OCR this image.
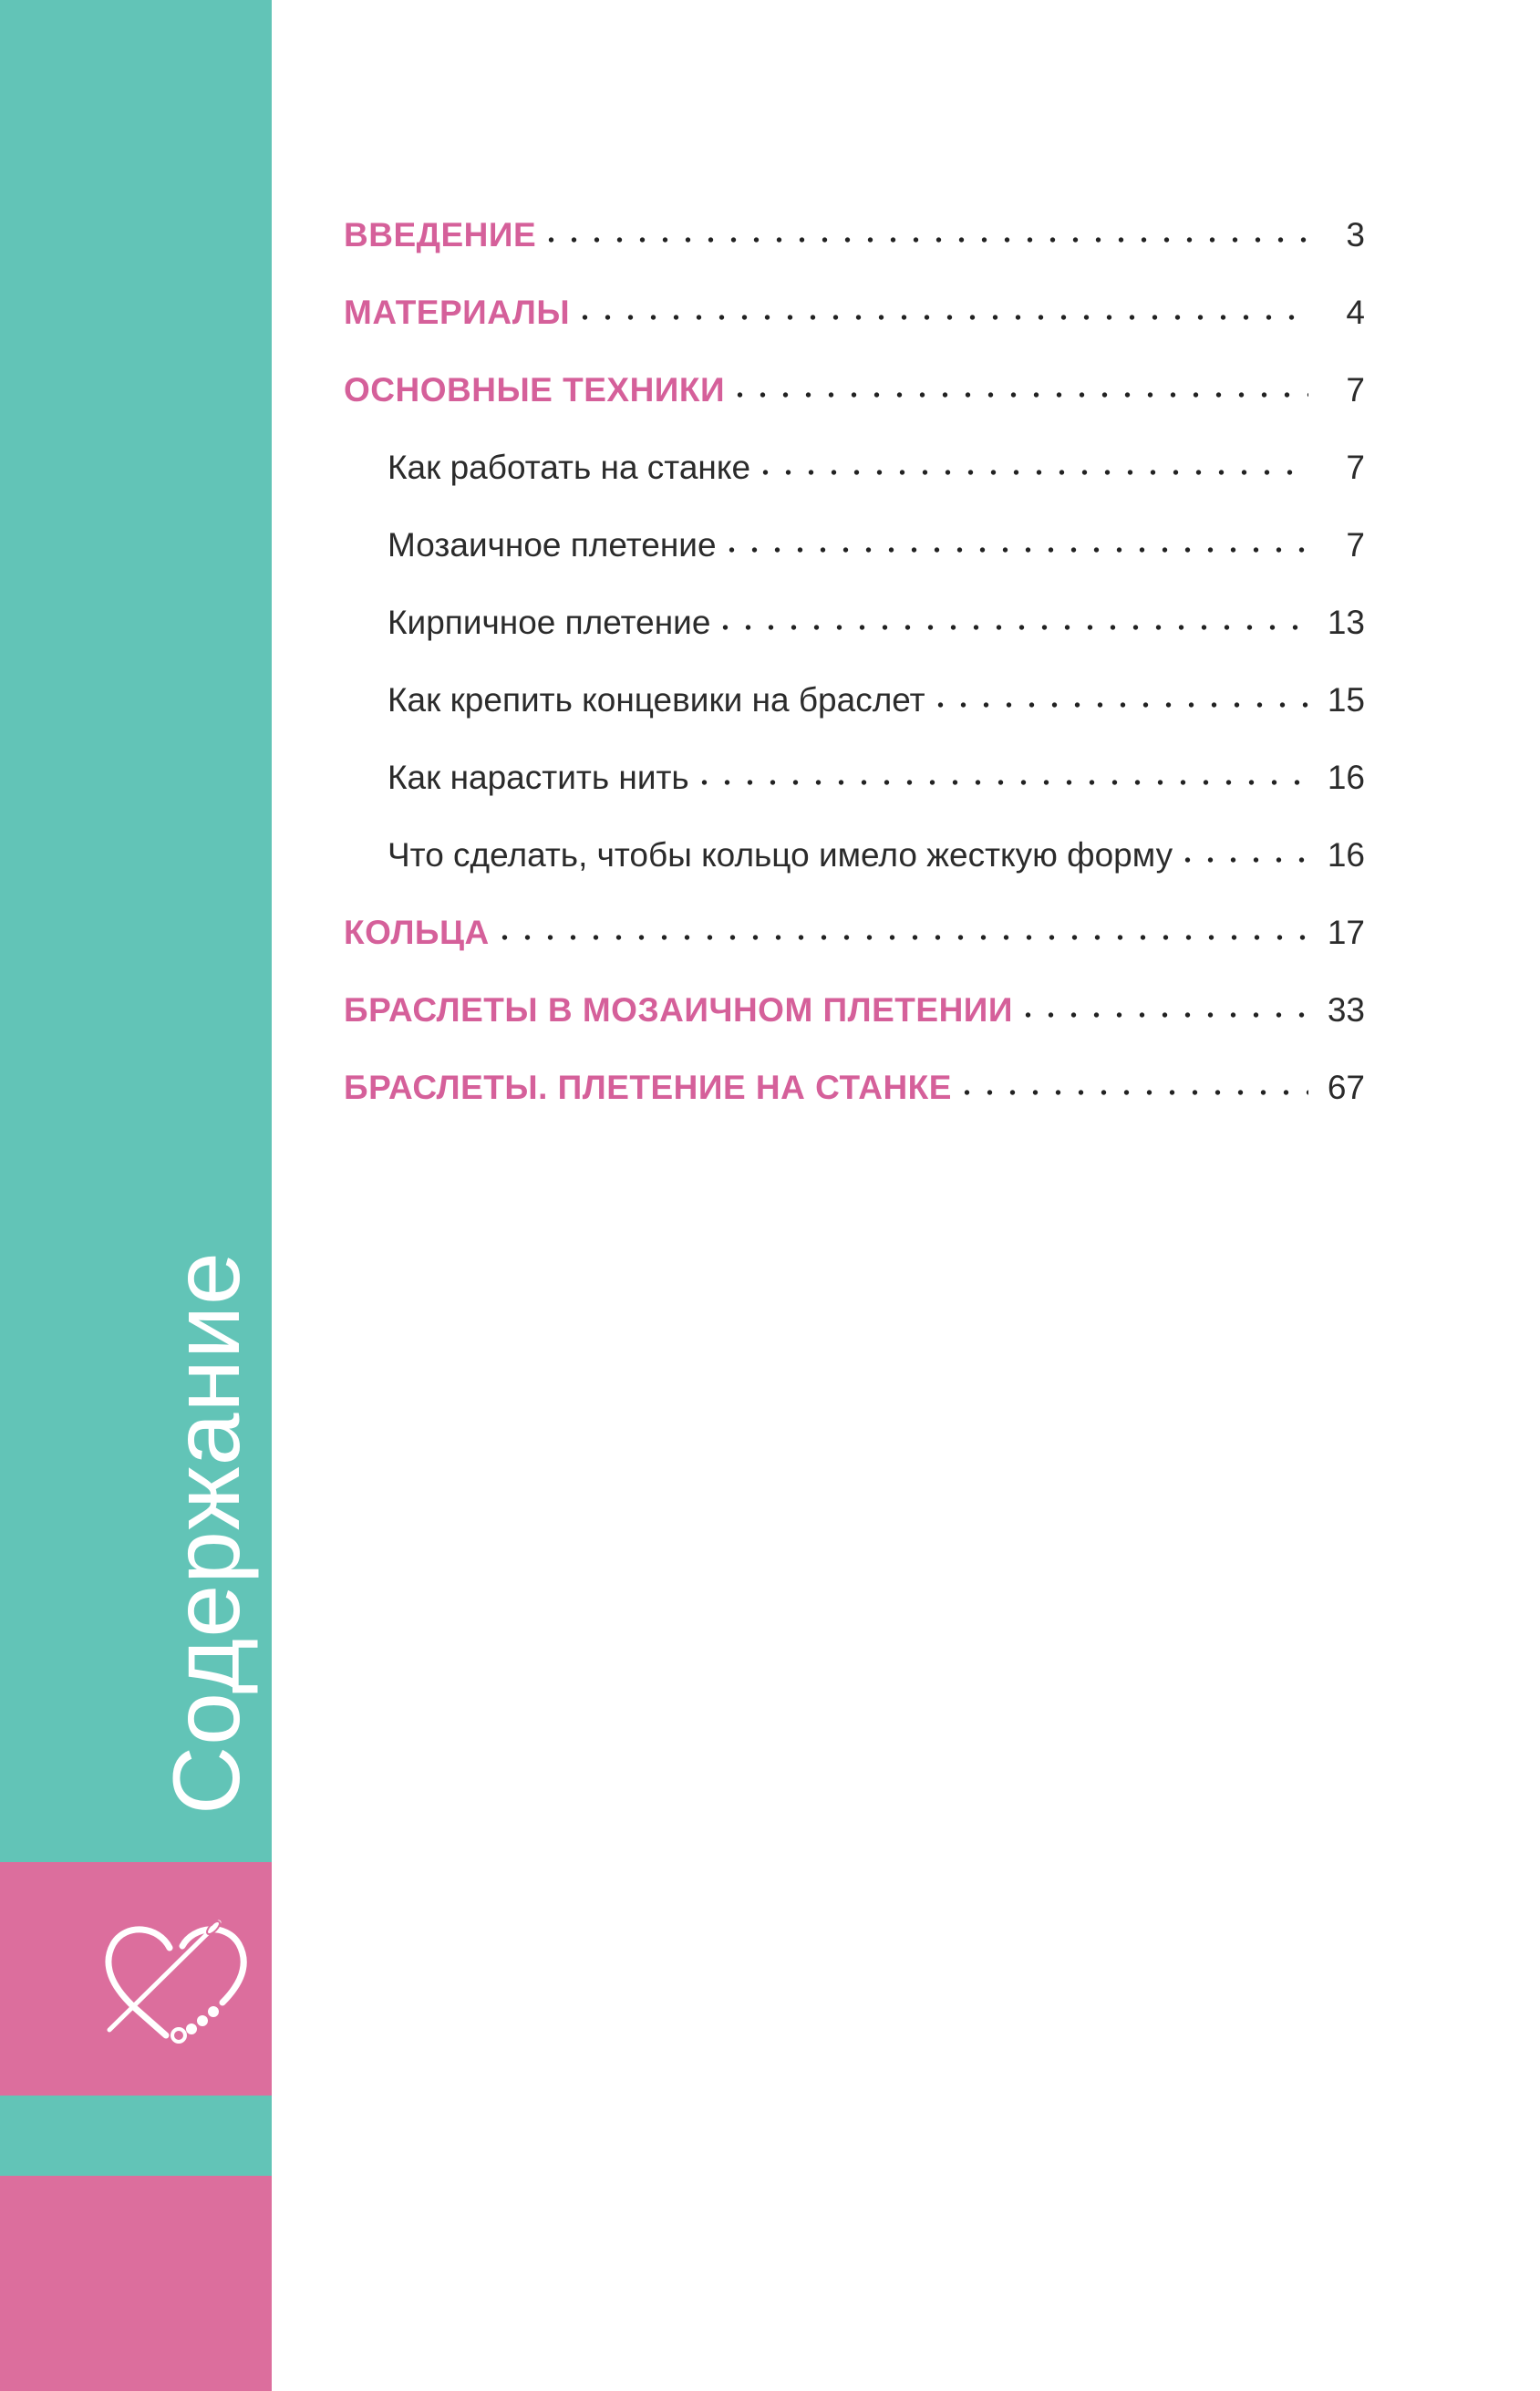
Содержание
ВВЕДЕНИЕ	3
МАТЕРИАЛЫ	4
ОСНОВНЫЕ ТЕХНИКИ	7
Как работать на станке	7
Мозаичное плетение	7
Кирпичное плетение	13
Как крепить концевики на браслет	15
Как нарастить нить	16
Что сделать, чтобы кольцо имело жесткую форму	16
КОЛЬЦА	17
БРАСЛЕТЫ В МОЗАИЧНОМ ПЛЕТЕНИИ	33
БРАСЛЕТЫ. ПЛЕТЕНИЕ НА СТАНКЕ	67
